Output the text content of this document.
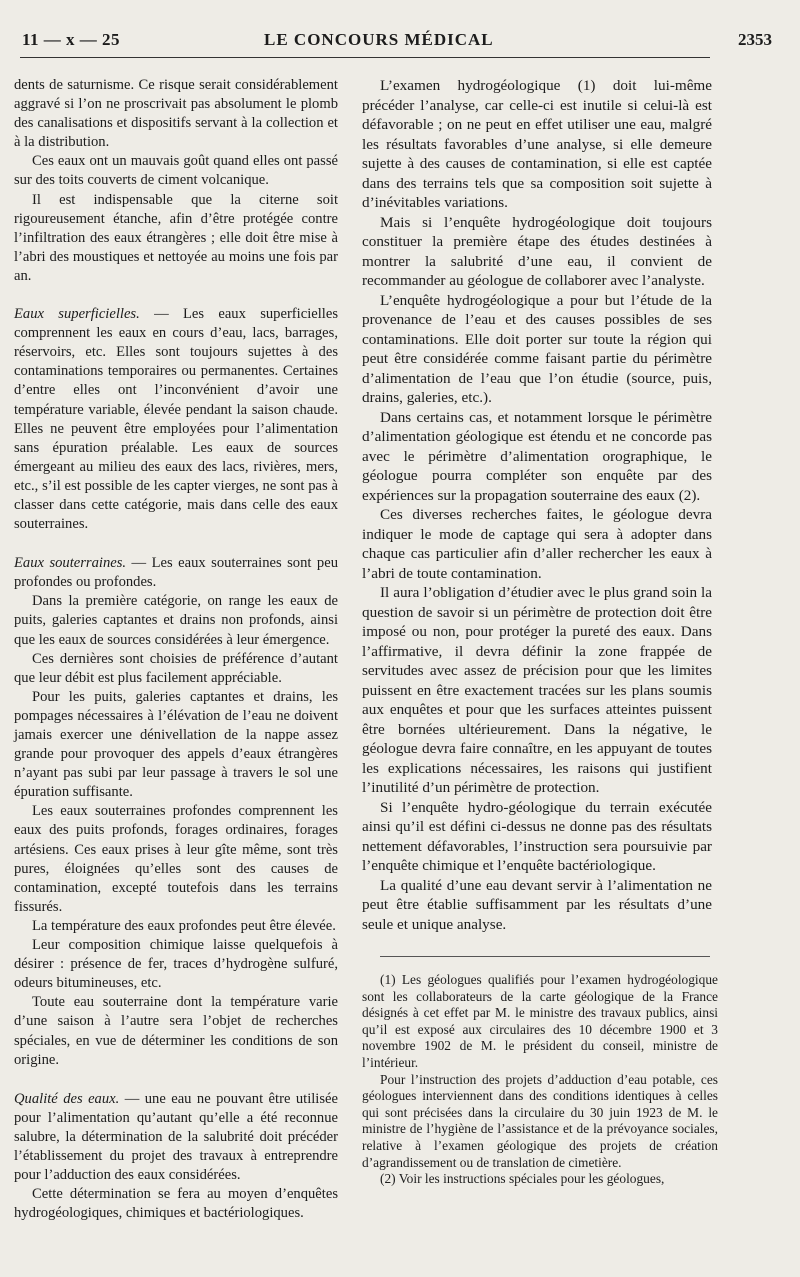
11 — x — 25	LE CONCOURS MÉDICAL	2353

dents de saturnisme. Ce risque serait considérablement aggravé si l’on ne proscrivait pas absolument le plomb des canalisations et dispositifs servant à la collection et à la distribution.

Ces eaux ont un mauvais goût quand elles ont passé sur des toits couverts de ciment volcanique.

Il est indispensable que la citerne soit rigoureusement étanche, afin d’être protégée contre l’infiltration des eaux étrangères ; elle doit être mise à l’abri des moustiques et nettoyée au moins une fois par an.

Eaux superficielles. — Les eaux superficielles comprennent les eaux en cours d’eau, lacs, barrages, réservoirs, etc. Elles sont toujours sujettes à des contaminations temporaires ou permanentes. Certaines d’entre elles ont l’inconvénient d’avoir une température variable, élevée pendant la saison chaude. Elles ne peuvent être employées pour l’alimentation sans épuration préalable. Les eaux de sources émergeant au milieu des eaux des lacs, rivières, mers, etc., s’il est possible de les capter vierges, ne sont pas à classer dans cette catégorie, mais dans celle des eaux souterraines.

Eaux souterraines. — Les eaux souterraines sont peu profondes ou profondes.

Dans la première catégorie, on range les eaux de puits, galeries captantes et drains non profonds, ainsi que les eaux de sources considérées à leur émergence.

Ces dernières sont choisies de préférence d’autant que leur débit est plus facilement appréciable.

Pour les puits, galeries captantes et drains, les pompages nécessaires à l’élévation de l’eau ne doivent jamais exercer une dénivellation de la nappe assez grande pour provoquer des appels d’eaux étrangères n’ayant pas subi par leur passage à travers le sol une épuration suffisante.

Les eaux souterraines profondes comprennent les eaux des puits profonds, forages ordinaires, forages artésiens. Ces eaux prises à leur gîte même, sont très pures, éloignées qu’elles sont des causes de contamination, excepté toutefois dans les terrains fissurés.

La température des eaux profondes peut être élevée.

Leur composition chimique laisse quelquefois à désirer : présence de fer, traces d’hydrogène sulfuré, odeurs bitumineuses, etc.

Toute eau souterraine dont la température varie d’une saison à l’autre sera l’objet de recherches spéciales, en vue de déterminer les conditions de son origine.

Qualité des eaux. — une eau ne pouvant être utilisée pour l’alimentation qu’autant qu’elle a été reconnue salubre, la détermination de la salubrité doit précéder l’établissement du projet des travaux à entreprendre pour l’adduction des eaux considérées.

Cette détermination se fera au moyen d’enquêtes hydrogéologiques, chimiques et bactériologiques.

L’examen hydrogéologique (1) doit lui-même précéder l’analyse, car celle-ci est inutile si celui-là est défavorable ; on ne peut en effet utiliser une eau, malgré les résultats favorables d’une analyse, si elle demeure sujette à des causes de contamination, si elle est captée dans des terrains tels que sa composition soit sujette à d’inévitables variations.

Mais si l’enquête hydrogéologique doit toujours constituer la première étape des études destinées à montrer la salubrité d’une eau, il convient de recommander au géologue de collaborer avec l’analyste.

L’enquête hydrogéologique a pour but l’étude de la provenance de l’eau et des causes possibles de ses contaminations. Elle doit porter sur toute la région qui peut être considérée comme faisant partie du périmètre d’alimentation de l’eau que l’on étudie (source, puis, drains, galeries, etc.).

Dans certains cas, et notamment lorsque le périmètre d’alimentation géologique est étendu et ne concorde pas avec le périmètre d’alimentation orographique, le géologue pourra compléter son enquête par des expériences sur la propagation souterraine des eaux (2).

Ces diverses recherches faites, le géologue devra indiquer le mode de captage qui sera à adopter dans chaque cas particulier afin d’aller rechercher les eaux à l’abri de toute contamination.

Il aura l’obligation d’étudier avec le plus grand soin la question de savoir si un périmètre de protection doit être imposé ou non, pour protéger la pureté des eaux. Dans l’affirmative, il devra définir la zone frappée de servitudes avec assez de précision pour que les limites puissent en être exactement tracées sur les plans soumis aux enquêtes et pour que les surfaces atteintes puissent être bornées ultérieurement. Dans la négative, le géologue devra faire connaître, en les appuyant de toutes les explications nécessaires, les raisons qui justifient l’inutilité d’un périmètre de protection.

Si l’enquête hydro-géologique du terrain exécutée ainsi qu’il est défini ci-dessus ne donne pas des résultats nettement défavorables, l’instruction sera poursuivie par l’enquête chimique et l’enquête bactériologique.

La qualité d’une eau devant servir à l’alimentation ne peut être établie suffisamment par les résultats d’une seule et unique analyse.

(1) Les géologues qualifiés pour l’examen hydrogéologique sont les collaborateurs de la carte géologique de la France désignés à cet effet par M. le ministre des travaux publics, ainsi qu’il est exposé aux circulaires des 10 décembre 1900 et 3 novembre 1902 de M. le président du conseil, ministre de l’intérieur.

Pour l’instruction des projets d’adduction d’eau potable, ces géologues interviennent dans des conditions identiques à celles qui sont précisées dans la circulaire du 30 juin 1923 de M. le ministre de l’hygiène de l’assistance et de la prévoyance sociales, relative à l’examen géologique des projets de création d’agrandissement ou de translation de cimetière.

(2) Voir les instructions spéciales pour les géologues,
